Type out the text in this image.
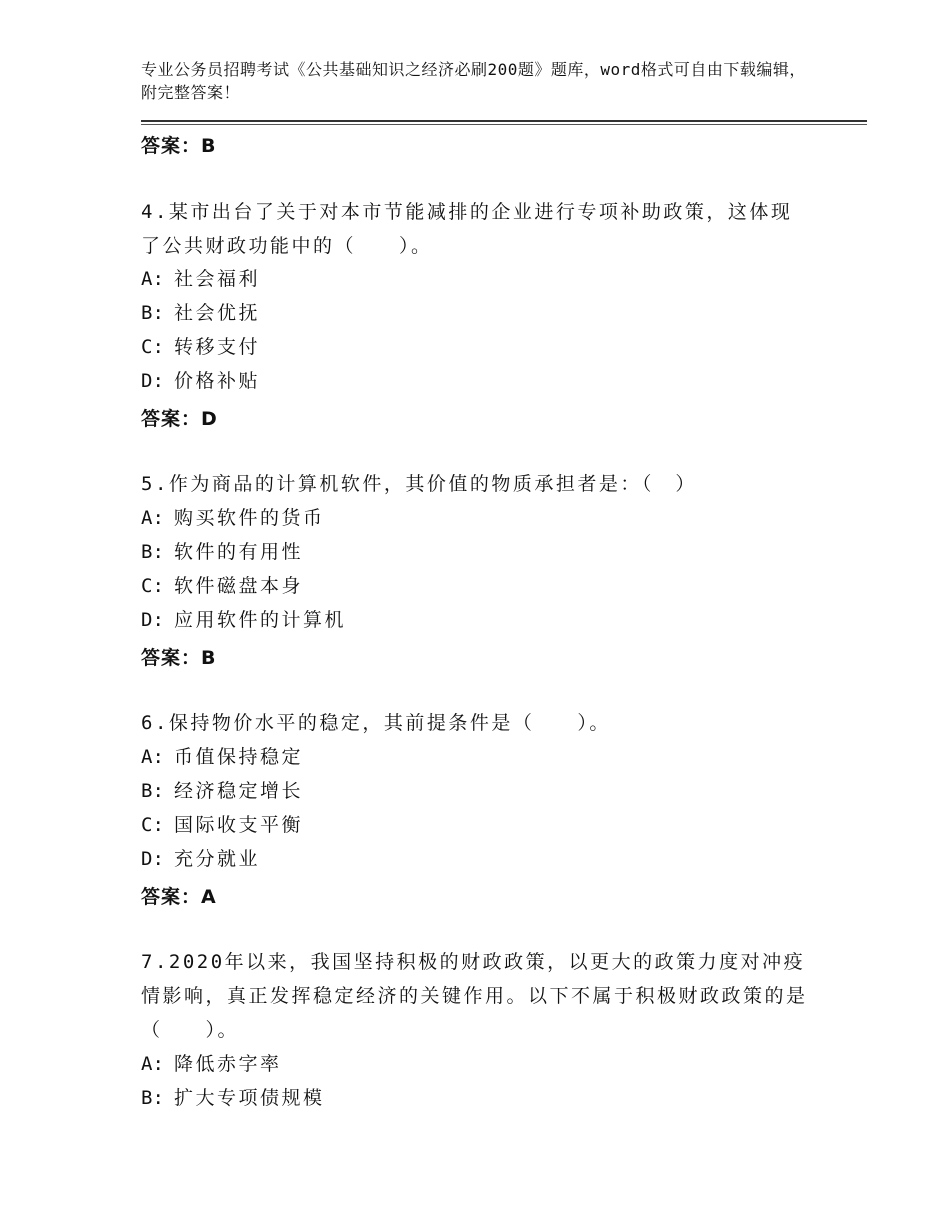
专业公务员招聘考试《公共基础知识之经济必刷200题》题库，word格式可自由下载编辑，附完整答案！
答案：B
4.某市出台了关于对本市节能减排的企业进行专项补助政策，这体现了公共财政功能中的（　　）。
A: 社会福利
B: 社会优抚
C: 转移支付
D: 价格补贴
答案：D
5.作为商品的计算机软件，其价值的物质承担者是：（　）
A: 购买软件的货币
B: 软件的有用性
C: 软件磁盘本身
D: 应用软件的计算机
答案：B
6.保持物价水平的稳定，其前提条件是（　　）。
A: 币值保持稳定
B: 经济稳定增长
C: 国际收支平衡
D: 充分就业
答案：A
7.2020年以来，我国坚持积极的财政政策，以更大的政策力度对冲疫情影响，真正发挥稳定经济的关键作用。以下不属于积极财政政策的是（　　）。
A: 降低赤字率
B: 扩大专项债规模
